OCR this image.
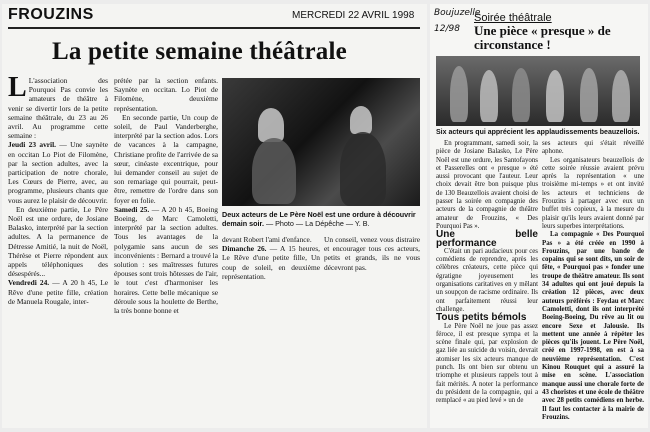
FROUZINS	MERCREDI 22 AVRIL 1998
La petite semaine théâtrale

L L'association des Pourquoi Pas convie les amateurs de théâtre à venir se divertir lors de la petite semaine théâtrale, du 23 au 26 avril. Au programme cette semaine :

Jeudi 23 avril. — Une saynète en occitan Lo Piot de Filomène, par la section adultes, avec la participation de notre chorale, Les Cœurs de Pierre, avec, au programme, plusieurs chants que vous aurez le plaisir de découvrir.

En deuxième partie, Le Père Noël est une ordure, de Josiane Balasko, interprété par la section adultes. A la permanence de Détresse Amitié, la nuit de Noël, Thérèse et Pierre répondent aux appels téléphoniques des désespérés...

Vendredi 24. — A 20 h 45, Le Rêve d'une petite fille, création de Manuela Rougale, inter-

prétée par la section enfants. Saynète en occitan. Lo Piot de Filomène, deuxième représentation.

En seconde partie, Un coup de soleil, de Paul Vanderberghe, interprété par la section ados. Lors de vacances à la campagne, Christiane profite de l'arrivée de sa sœur, cinéaste excentrique, pour lui demander conseil au sujet de son remariage qui pourrait, peut-être, remettre de l'ordre dans son foyer en folie.

Samedi 25. — A 20 h 45, Boeing Boeing, de Marc Camoletti, interprété par la section adultes. Tous les avantages de la polygamie sans aucun de ses inconvénients : Bernard a trouvé la solution : ses maîtresses futures épouses sont trois hôtesses de l'air, le tout c'est d'harmoniser les horaires. Cette belle mécanique se déroule sous la houlette de Berthe, la très bonne bonne et

Deux acteurs de Le Père Noël est une ordure à découvrir demain soir. — Photo — La Dépêche — Y. B.

devant Robert l'ami d'enfance.

Dimanche 26. — A 15 heures, Le Rêve d'une petite fille, Un coup de soleil, en deuxième représentation.

Un conseil, venez vous distraire et encourager tous ces acteurs, petits et grands, ils ne vous décevront pas.

Boujuzelle
12/98
Soirée théâtrale
Une pièce « presque » de circonstance !
Six acteurs qui apprécient les applaudissements beauzellois.

En programmant, samedi soir, la pièce de Josiane Balasko, Le Père Noël est une ordure, les Santofayons et Passerelles ont « presque » été aussi provocant que l'auteur. Leur choix devait être bon puisque plus de 130 Beauzellois avaient choisi de passer la soirée en compagnie des acteurs de la compagnie de théâtre amateur de Frouzins, « Des Pourquoi Pas ».

Une belle performance

C'était un pari audacieux pour ces comédiens de reprendre, après les célèbres créateurs, cette pièce qui égratigne joyeusement les organisations caritatives en y mêlant un soupçon de racisme ordinaire. Ils ont parfaitement réussi leur challenge.

Tous petits bémols

Le Père Noël ne joue pas assez féroce, il est presque sympa et la scène finale qui, par explosion de gaz liée au suicide du voisin, devrait atomiser les six acteurs manque de punch. Ils ont bien sur obtenu un triomphe et plusieurs rappels tout à fait mérités. A noter la performance du président de la compagnie, qui a remplacé « au pied levé » un de

ses acteurs qui s'était réveillé aphone.

Les organisateurs beauzellois de cette soirée réussie avaient prévu après la représentation « une troisième mi-temps » et ont invité les acteurs et techniciens de Frouzins à partager avec eux un buffet très copieux, à la mesure du plaisir qu'ils leurs avaient donné par leurs superbes interprétations.

La compagnie « Des Pourquoi Pas » a été créée en 1990 à Frouzins, par une bande de copains qui se sont dits, un soir de fête, « Pourquoi pas » fonder une troupe de théâtre amateur. Ils sont 34 adultes qui ont joué depuis la création 12 pièces, avec deux auteurs préférés : Feydau et Marc Camoletti, dont ils ont interprété Boeing-Boeing, Du rêve au lit ou encore Sexe et Jalousie. Ils mettent une année à répéter les pièces qu'ils jouent. Le Père Noël, créé en 1997-1998, en est à sa neuvième représentation. C'est Kinou Rouquet qui a assuré la mise en scène. L'association manque aussi une chorale forte de 43 choristes et une école de théâtre avec 28 petits comédiens en herbe. Il faut les contacter à la mairie de Frouzins.
